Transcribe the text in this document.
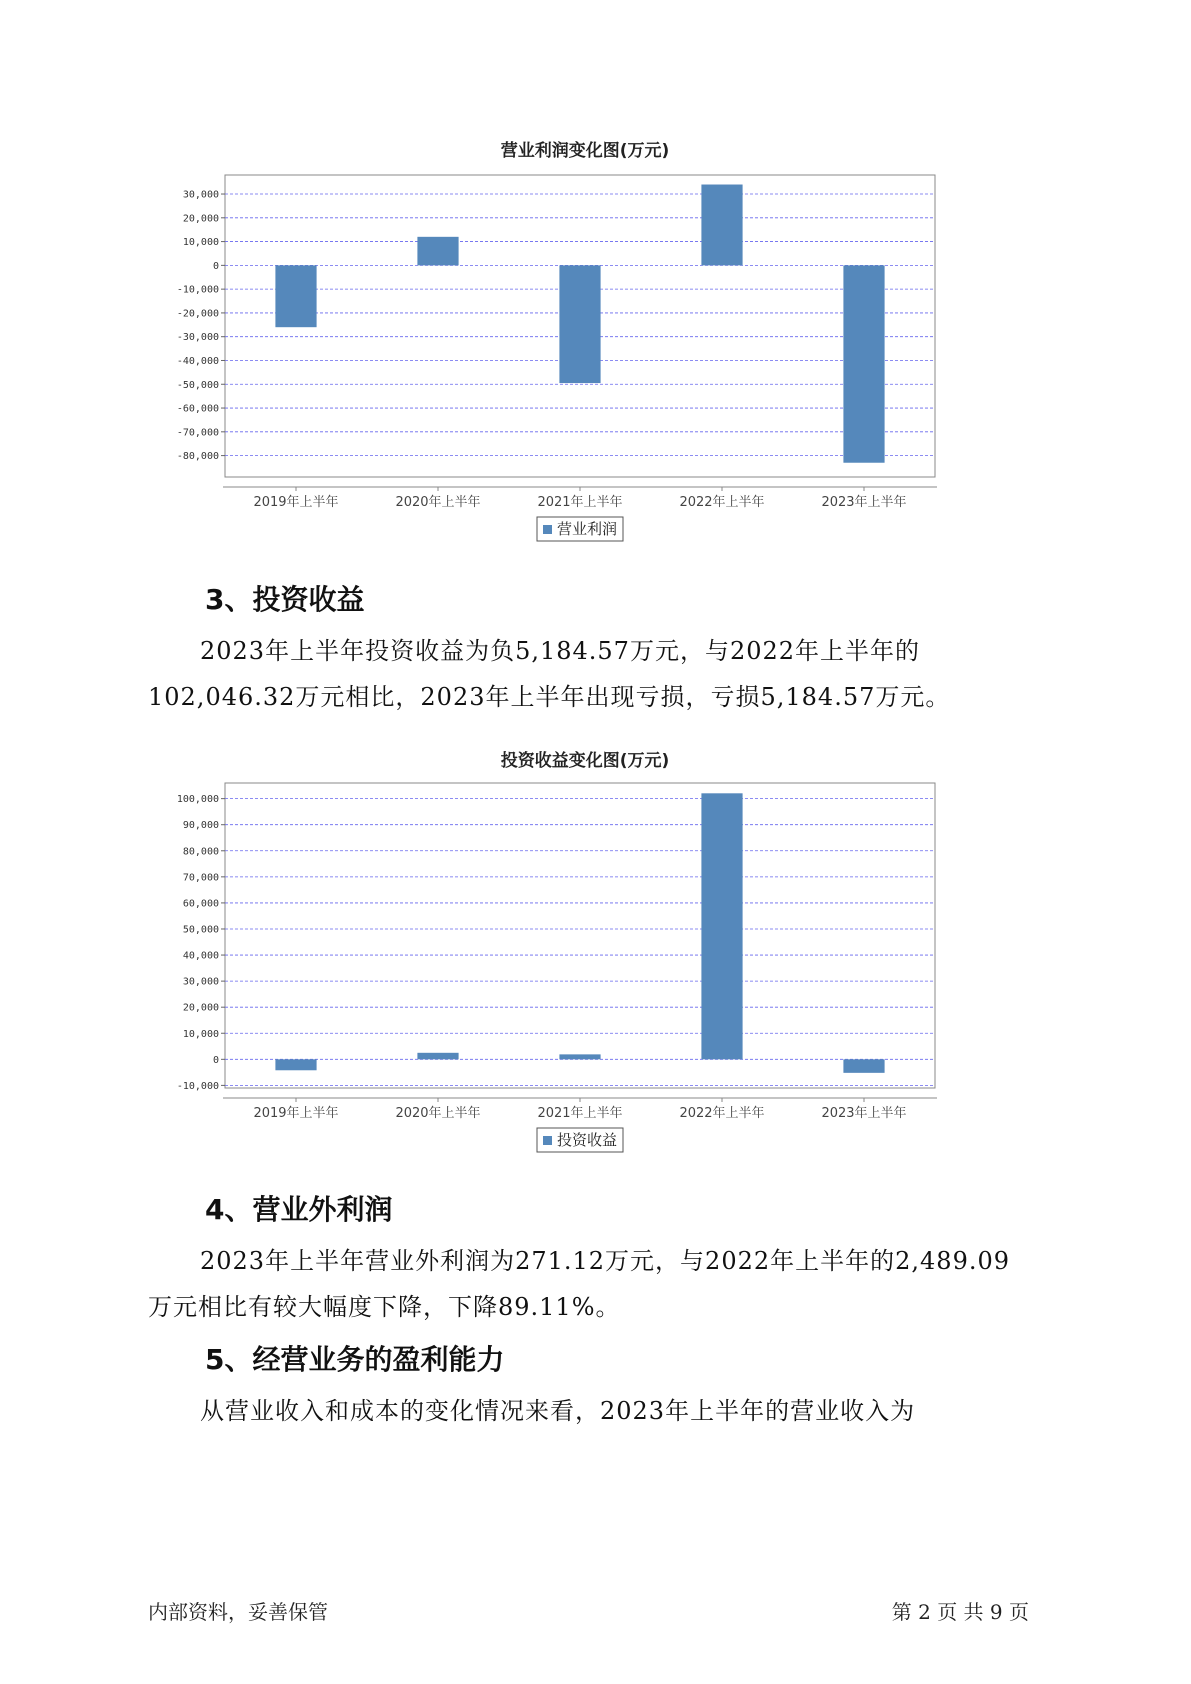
营业利润变化图(万元)
30,000
20,000
10,000
0
-10,000
-20,000
-30,000
-40,000
-50,000
-60,000
-70,000
-80,000
2019年上半年	2020年上半年	2021年上半年	2022年上半年	2023年上半年
营业利润
3、投资收益
2023年上半年投资收益为负5,184.57万元，与2022年上半年的
102,046.32万元相比，2023年上半年出现亏损，亏损5,184.57万元。
投资收益变化图(万元)
100,000
90,000
80,000
70,000
60,000
50,000
40,000
30,000
20,000
10,000
0
-10,000
2019年上半年	2020年上半年	2021年上半年	2022年上半年	2023年上半年
投资收益
4、营业外利润
2023年上半年营业外利润为271.12万元，与2022年上半年的2,489.09
万元相比有较大幅度下降，下降89.11%。
5、经营业务的盈利能力
从营业收入和成本的变化情况来看，2023年上半年的营业收入为
内部资料，妥善保管	第 2 页 共 9 页
